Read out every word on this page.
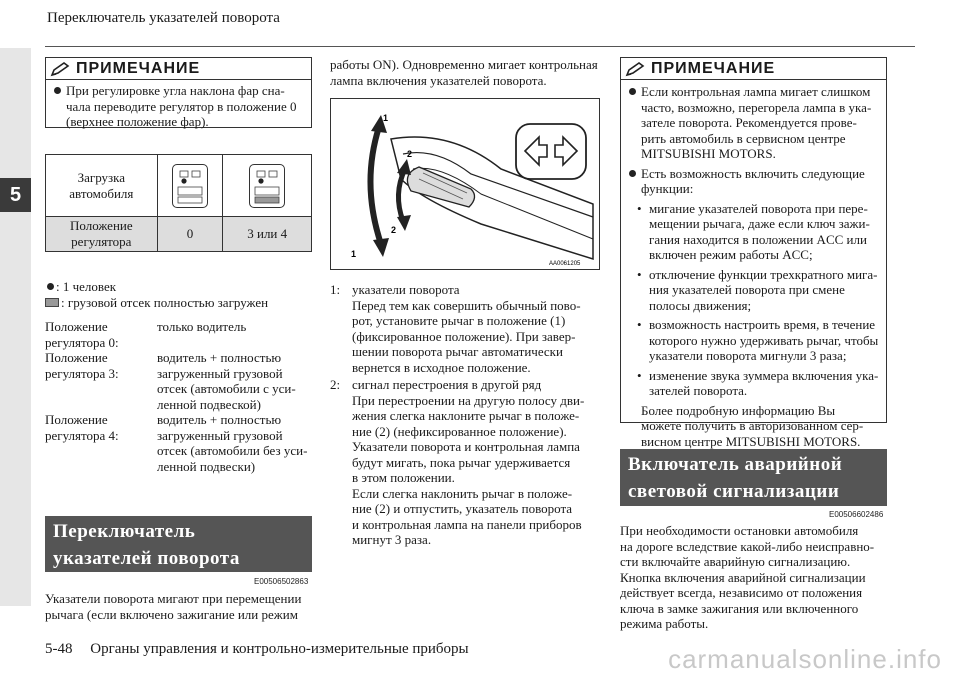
Переключатель указателей поворота
5
ПРИМЕЧАНИЕ
При регулировке угла наклона фар сна-
чала переводите регулятор в положение 0
(верхнее положение фар).
Загрузка автомобиля	

Положение
регулятора	0	3 или 4
: 1 человек
: грузовой отсек полностью загружен
Положение
регулятора 0:
только водитель
Положение
регулятора 3:
водитель + полностью
загруженный грузовой
отсек (автомобили с уси-
ленной подвеской)
Положение
регулятора 4:
водитель + полностью
загруженный грузовой
отсек (автомобили без уси-
ленной подвески)
Переключатель
указателей поворота
E00506502863
Указатели поворота мигают при перемещении
рычага (если включено зажигание или режим
работы ON). Одновременно мигает контрольная
лампа включения указателей поворота.
1
2
2
1
AA0061205
1: указатели поворота
Перед тем как совершить обычный пово-
рот, установите рычаг в положение (1)
(фиксированное положение). При завер-
шении поворота рычаг автоматически
вернется в исходное положение.
2: сигнал перестроения в другой ряд
При перестроении на другую полосу дви-
жения слегка наклоните рычаг в положе-
ние (2) (нефиксированное положение).
Указатели поворота и контрольная лампа
будут мигать, пока рычаг удерживается
в этом положении.
Если слегка наклонить рычаг в положе-
ние (2) и отпустить, указатель поворота
и контрольная лампа на панели приборов
мигнут 3 раза.
ПРИМЕЧАНИЕ
Если контрольная лампа мигает слишком
часто, возможно, перегорела лампа в ука-
зателе поворота. Рекомендуется прове-
рить автомобиль в сервисном центре
MITSUBISHI MOTORS.
Есть возможность включить следующие
функции:
• мигание указателей поворота при пере-
мещении рычага, даже если ключ зажи-
гания находится в положении ACC или
включен режим работы ACC;
• отключение функции трехкратного мига-
ния указателей поворота при смене
полосы движения;
• возможность настроить время, в течение
которого нужно удерживать рычаг, чтобы
указатели поворота мигнули 3 раза;
• изменение звука зуммера включения ука-
зателей поворота.
Более подробную информацию Вы
можете получить в авторизованном сер-
висном центре MITSUBISHI MOTORS.
Включатель аварийной
световой сигнализации
E00506602486
При необходимости остановки автомобиля
на дороге вследствие какой-либо неисправно-
сти включайте аварийную сигнализацию.
Кнопка включения аварийной сигнализации
действует всегда, независимо от положения
ключа в замке зажигания или включенного
режима работы.
5-48 Органы управления и контрольно-измерительные приборы	carmanualsonline.info
